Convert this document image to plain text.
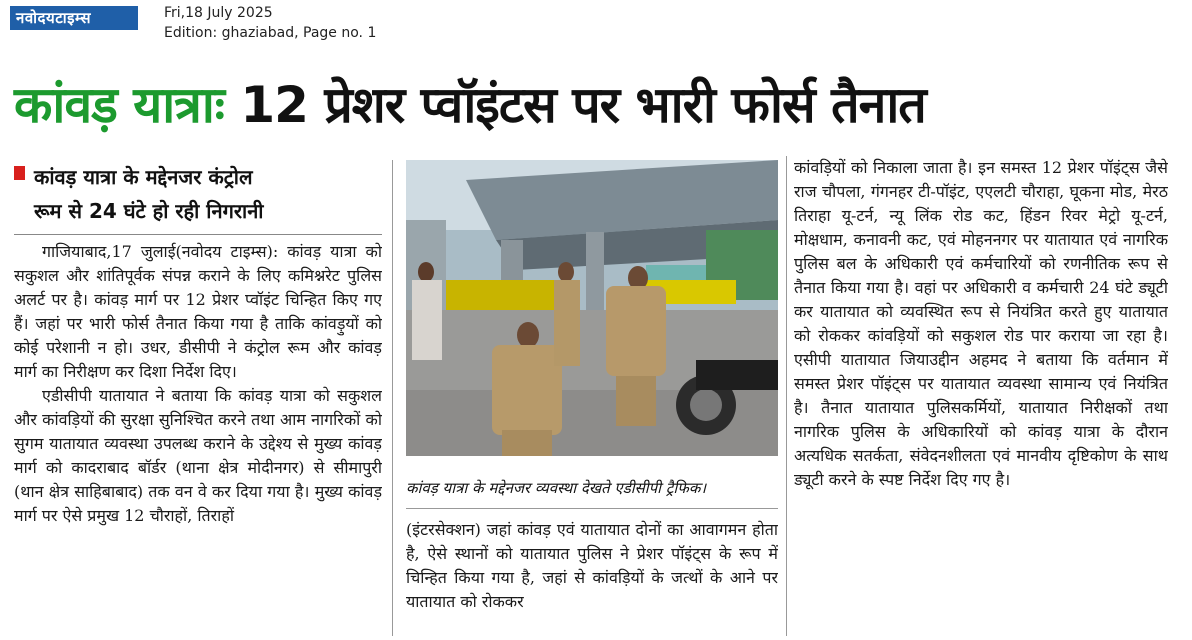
नवोदयटाइम्स	Fri,18 July 2025
Edition: ghaziabad, Page no. 1
कांवड़ यात्राः 12 प्रेशर प्वॉइंटस पर भारी फोर्स तैनात
कांवड़ यात्रा के मद्देनजर कंट्रोल
रूम से 24 घंटे हो रही निगरानी

गाजियाबाद,17 जुलाई(नवोदय टाइम्स): कांवड़ यात्रा को सकुशल और शांतिपूर्वक संपन्न कराने के लिए कमिश्नरेट पुलिस अलर्ट पर है। कांवड़ मार्ग पर 12 प्रेशर प्वॉइंट चिन्हित किए गए हैं। जहां पर भारी फोर्स तैनात किया गया है ताकि कांवड़ुयों को कोई परेशानी न हो। उधर, डीसीपी ने कंट्रोल रूम और कांवड़ मार्ग का निरीक्षण कर दिशा निर्देश दिए।

एडीसीपी यातायात ने बताया कि कांवड़ यात्रा को सकुशल और कांवड़ियों की सुरक्षा सुनिश्चित करने तथा आम नागरिकों को सुगम यातायात व्यवस्था उपलब्ध कराने के उद्देश्य से मुख्य कांवड़ मार्ग को कादराबाद बॉर्डर (थाना क्षेत्र मोदीनगर) से सीमापुरी (थान क्षेत्र साहिबाबाद) तक वन वे कर दिया गया है। मुख्य कांवड़ मार्ग पर ऐसे प्रमुख 12 चौराहों, तिराहों

कांवड़ यात्रा के मद्देनजर व्यवस्था देखते एडीसीपी ट्रैफिक।

(इंटरसेक्शन) जहां कांवड़ एवं यातायात दोनों का आवागमन होता है, ऐसे स्थानों को यातायात पुलिस ने प्रेशर पॉइंट्स के रूप में चिन्हित किया गया है, जहां से कांवड़ियों के जत्थों के आने पर यातायात को रोककर

कांवड़ियों को निकाला जाता है। इन समस्त 12 प्रेशर पॉइंट्स जैसे राज चौपला, गंगनहर टी-पॉइंट, एएलटी चौराहा, घूकना मोड, मेरठ तिराहा यू-टर्न, न्यू लिंक रोड कट, हिंडन रिवर मेट्रो यू-टर्न, मोक्षधाम, कनावनी कट, एवं मोहननगर पर यातायात एवं नागरिक पुलिस बल के अधिकारी एवं कर्मचारियों को रणनीतिक रूप से तैनात किया गया है। वहां पर अधिकारी व कर्मचारी 24 घंटे ड्यूटी कर यातायात को व्यवस्थित रूप से नियंत्रित करते हुए यातायात को रोककर कांवड़ियों को सकुशल रोड पार कराया जा रहा है। एसीपी यातायात जियाउद्दीन अहमद ने बताया कि वर्तमान में समस्त प्रेशर पॉइंट्स पर यातायात व्यवस्था सामान्य एवं नियंत्रित है। तैनात यातायात पुलिसकर्मियों, यातायात निरीक्षकों तथा नागरिक पुलिस के अधिकारियों को कांवड़ यात्रा के दौरान अत्यधिक सतर्कता, संवेदनशीलता एवं मानवीय दृष्टिकोण के साथ ड्यूटी करने के स्पष्ट निर्देश दिए गए है।
